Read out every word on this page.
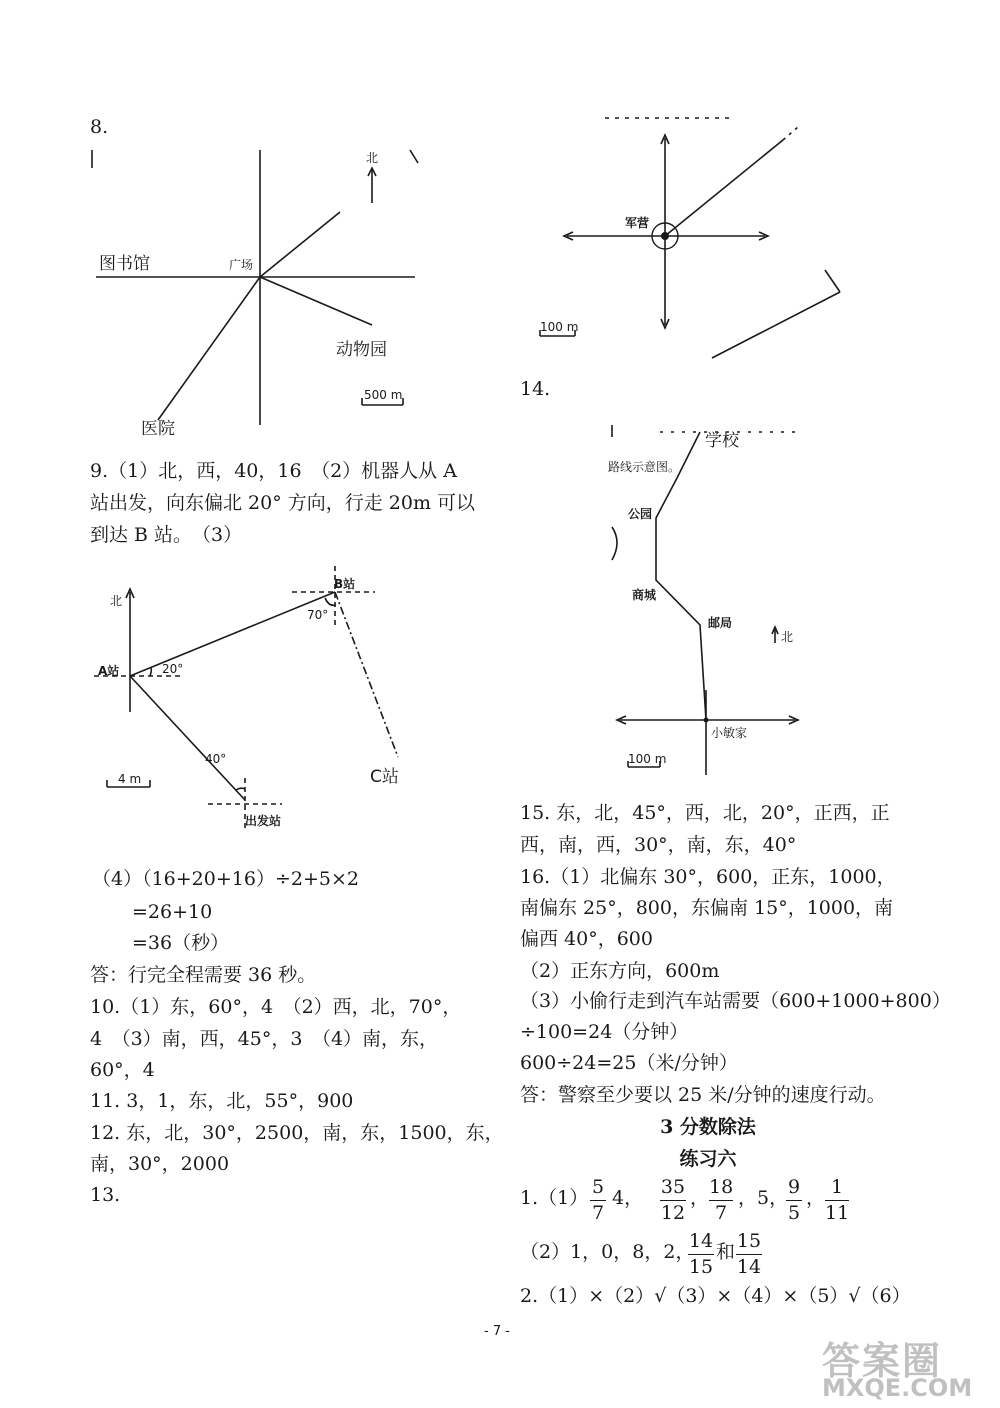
8.
北
图书馆	广场
动物园
医院
500 m
9.（1）北，西，40，16　（2）机器人从 A
站出发，向东偏北 20° 方向，行走 20m 可以
到达 B 站。　（3）
北
A站
B站
C站
出发站
20°
70°
40°
4 m
（4）（16+20+16）÷2+5×2
=26+10
=36（秒）
答：行完全程需要 36 秒。
10.（1）东，60°，4　（2）西，北，70°，
4　（3）南，西，45°，3　（4）南，东，
60°，4
11. 3，1，东，北，55°，900
12. 东，北，30°，2500，南，东，1500，东，
南，30°，2000
13.
军营
100 m
14.
学校
路线示意图。
公园
商城
邮局
北
小敏家
100 m
15. 东，北，45°，西，北，20°，正西，正
西，南，西，30°，南，东，40°
16.（1）北偏东 30°，600，正东，1000，
南偏东 25°，800，东偏南 15°，1000，南
偏西 40°，600
（2）正东方向，600m
（3）小偷行走到汽车站需要（600+1000+800）
÷100=24（分钟）
600÷24=25（米/分钟）
答：警察至少要以 25 米/分钟的速度行动。
3 分数除法
练习六
1.（1） 5
7
4， 35
12
， 18
7
， 5， 9
5
， 1
11
（2）1，0，8，2，
14
15
和 15
14
2.（1）×（2）√（3）×（4）×（5）√（6）
- 7 -
答案圈
MXQE.COM
